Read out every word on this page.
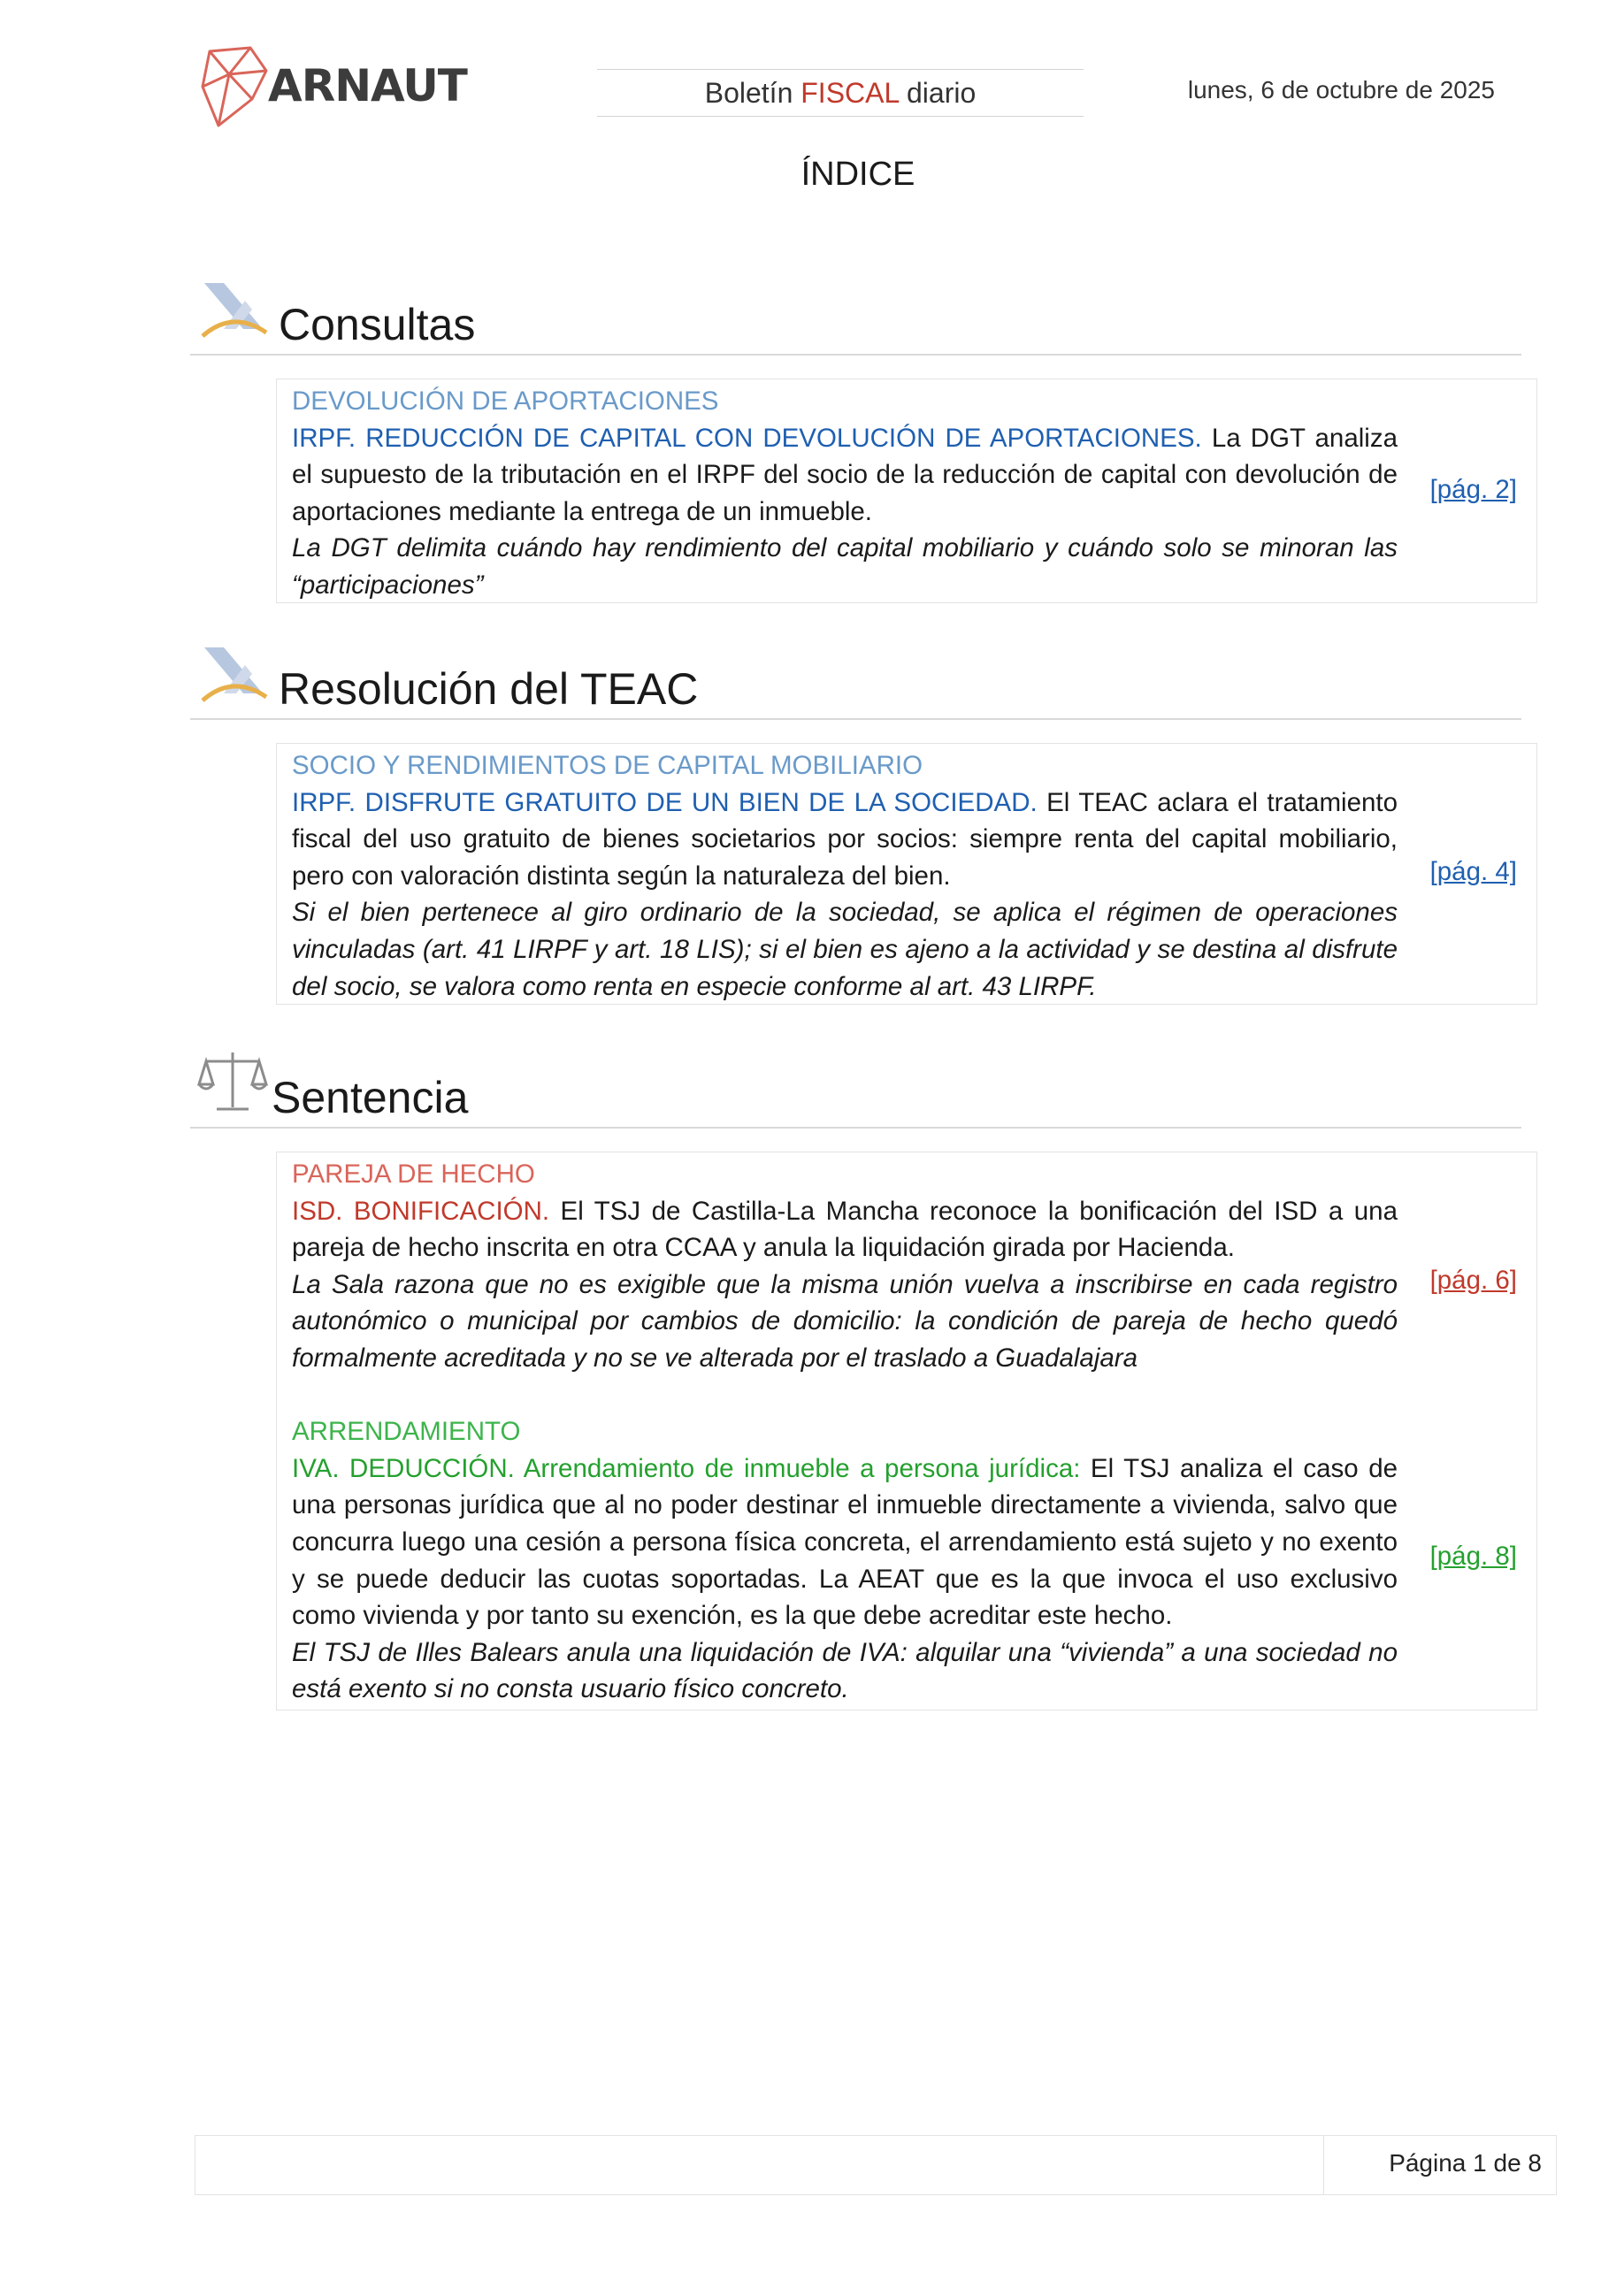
ARNAUT	Boletín FISCAL diario	lunes, 6 de octubre de 2025
ÍNDICE
Consultas

DEVOLUCIÓN DE APORTACIONES

IRPF. REDUCCIÓN DE CAPITAL CON DEVOLUCIÓN DE APORTACIONES. La DGT analiza el supuesto de la tributación en el IRPF del socio de la reducción de capital con devolución de aportaciones mediante la entrega de un inmueble.

La DGT delimita cuándo hay rendimiento del capital mobiliario y cuándo solo se minoran las “participaciones”

[pág. 2]
Resolución del TEAC

SOCIO Y RENDIMIENTOS DE CAPITAL MOBILIARIO

IRPF. DISFRUTE GRATUITO DE UN BIEN DE LA SOCIEDAD. El TEAC aclara el tratamiento fiscal del uso gratuito de bienes societarios por socios: siempre renta del capital mobiliario, pero con valoración distinta según la naturaleza del bien.

Si el bien pertenece al giro ordinario de la sociedad, se aplica el régimen de operaciones vinculadas (art. 41 LIRPF y art. 18 LIS); si el bien es ajeno a la actividad y se destina al disfrute del socio, se valora como renta en especie conforme al art. 43 LIRPF.

[pág. 4]
Sentencia

PAREJA DE HECHO

ISD. BONIFICACIÓN. El TSJ de Castilla-La Mancha reconoce la bonificación del ISD a una pareja de hecho inscrita en otra CCAA y anula la liquidación girada por Hacienda.

La Sala razona que no es exigible que la misma unión vuelva a inscribirse en cada registro autonómico o municipal por cambios de domicilio: la condición de pareja de hecho quedó formalmente acreditada y no se ve alterada por el traslado a Guadalajara

ARRENDAMIENTO

IVA. DEDUCCIÓN. Arrendamiento de inmueble a persona jurídica: El TSJ analiza el caso de una personas jurídica que al no poder destinar el inmueble directamente a vivienda, salvo que concurra luego una cesión a persona física concreta, el arrendamiento está sujeto y no exento y se puede deducir las cuotas soportadas. La AEAT que es la que invoca el uso exclusivo como vivienda y por tanto su exención, es la que debe acreditar este hecho.

El TSJ de Illes Balears anula una liquidación de IVA: alquilar una “vivienda” a una sociedad no está exento si no consta usuario físico concreto.

[pág. 6]
[pág. 8]
Página 1 de 8
